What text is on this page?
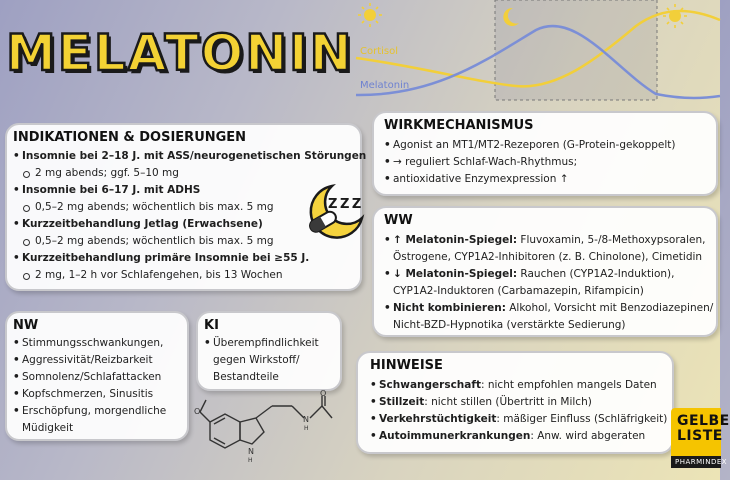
MELATONIN Cortisol
Melatonin
INDIKATIONEN & DOSIERUNGEN
• Insomnie bei 2–18 J. mit ASS/neurogenetischen Störungen
2 mg abends; ggf. 5–10 mg
• Insomnie bei 6–17 J. mit ADHS
0,5–2 mg abends; wöchentlich bis max. 5 mg
• Kurzzeitbehandlung Jetlag (Erwachsene)
0,5–2 mg abends; wöchentlich bis max. 5 mg
• Kurzzeitbehandlung primäre Insomnie bei ≥55 J.
2 mg, 1–2 h vor Schlafengehen, bis 13 Wochen
Z Z Z
NW
• Stimmungsschwankungen,
• Aggressivität/Reizbarkeit
• Somnolenz/Schlafattacken
• Kopfschmerzen, Sinusitis
• Erschöpfung, morgendliche
Müdigkeit
KI
• Überempfindlichkeit
gegen Wirkstoff/
Bestandteile
O
N
H
O
N
H
WIRKMECHANISMUS
• Agonist an MT1/MT2-Rezeporen (G-Protein-gekoppelt)
• → reguliert Schlaf-Wach-Rhythmus;
• antioxidative Enzymexpression ↑
WW
• ↑ Melatonin-Spiegel: Fluvoxamin, 5-/8-Methoxypsoralen,
Östrogene, CYP1A2-Inhibitoren (z. B. Chinolone), Cimetidin
• ↓ Melatonin-Spiegel: Rauchen (CYP1A2-Induktion),
CYP1A2-Induktoren (Carbamazepin, Rifampicin)
• Nicht kombinieren: Alkohol, Vorsicht mit Benzodiazepinen/
Nicht-BZD-Hypnotika (verstärkte Sedierung)
HINWEISE
• Schwangerschaft: nicht empfohlen mangels Daten
• Stillzeit: nicht stillen (Übertritt in Milch)
• Verkehrstüchtigkeit: mäßiger Einfluss (Schläfrigkeit)
• Autoimmunerkrankungen: Anw. wird abgeraten
GELBE
LISTE
PHARMINDEX
